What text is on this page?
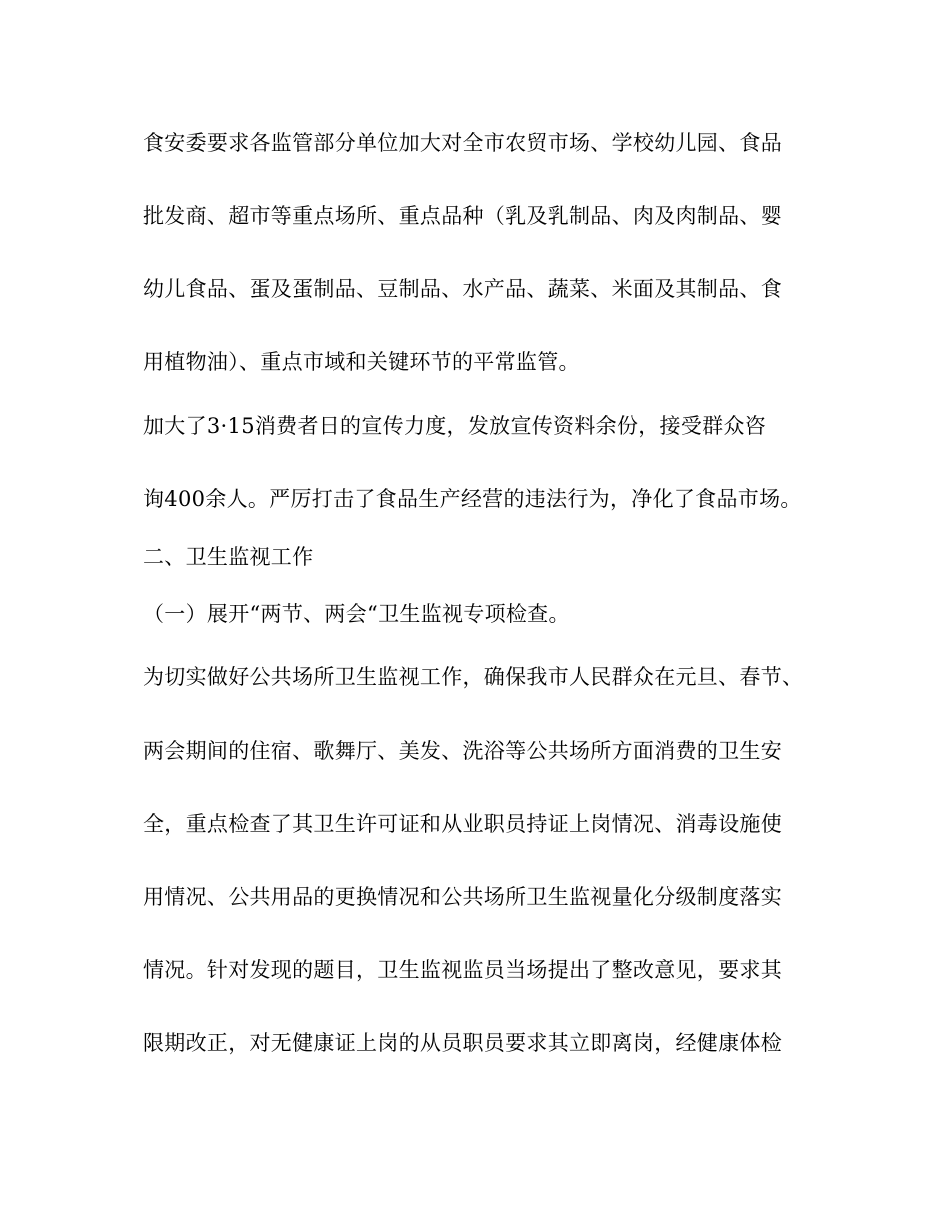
食安委要求各监管部分单位加大对全市农贸市场、学校幼儿园、食品
批发商、超市等重点场所、重点品种（乳及乳制品、肉及肉制品、婴
幼儿食品、蛋及蛋制品、豆制品、水产品、蔬菜、米面及其制品、食
用植物油）、重点市域和关键环节的平常监管。
加大了3·15消费者日的宣传力度，发放宣传资料余份，接受群众咨
询400余人。严厉打击了食品生产经营的违法行为，净化了食品市场。
二、卫生监视工作
（一）展开“两节、两会“卫生监视专项检查。
为切实做好公共场所卫生监视工作，确保我市人民群众在元旦、春节、
两会期间的住宿、歌舞厅、美发、洗浴等公共场所方面消费的卫生安
全，重点检查了其卫生许可证和从业职员持证上岗情况、消毒设施使
用情况、公共用品的更换情况和公共场所卫生监视量化分级制度落实
情况。针对发现的题目，卫生监视监员当场提出了整改意见，要求其
限期改正，对无健康证上岗的从员职员要求其立即离岗，经健康体检
